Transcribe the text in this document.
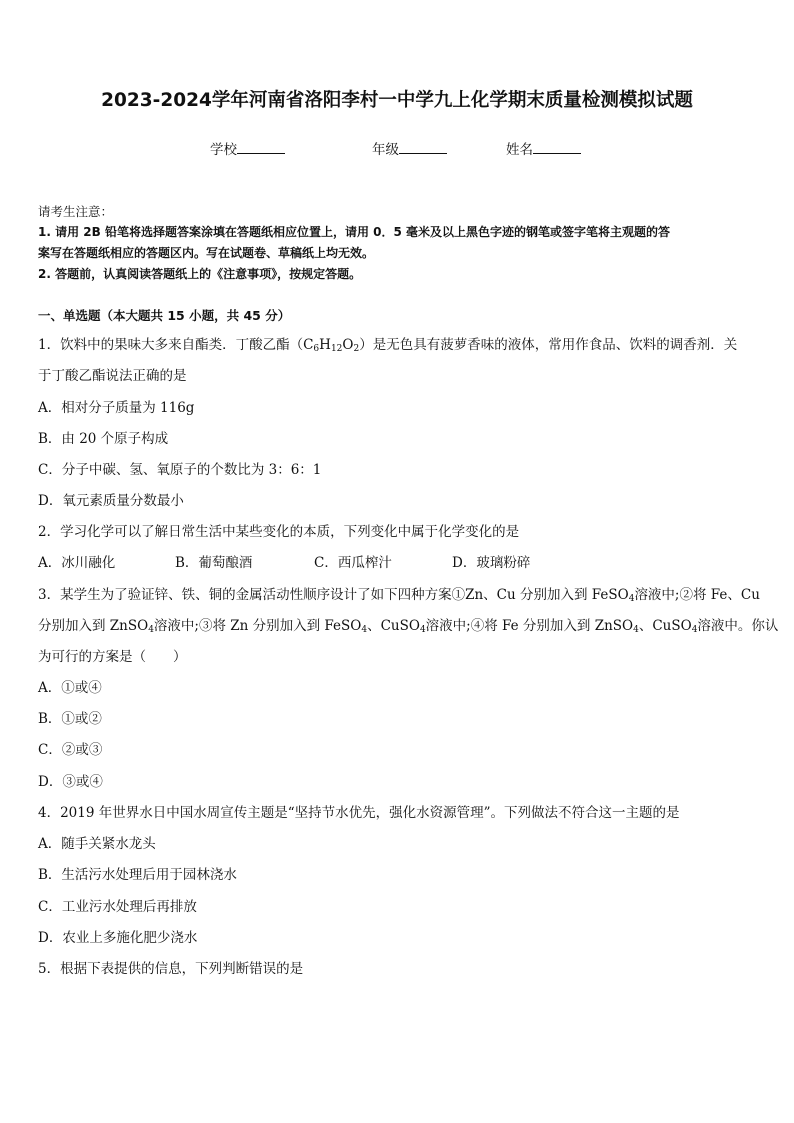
2023-2024学年河南省洛阳李村一中学九上化学期末质量检测模拟试题
学校	年级	姓名
请考生注意：
1. 请用 2B 铅笔将选择题答案涂填在答题纸相应位置上，请用 0．5 毫米及以上黑色字迹的钢笔或签字笔将主观题的答
案写在答题纸相应的答题区内。写在试题卷、草稿纸上均无效。
2. 答题前，认真阅读答题纸上的《注意事项》，按规定答题。
一、单选题（本大题共 15 小题，共 45 分）
1．饮料中的果味大多来自酯类．丁酸乙酯$(C_6H_{12}O_2)$是无色具有菠萝香味的液体，常用作食品、饮料的调香剂．关
于丁酸乙酯说法正确的是
A．相对分子质量为 116g
B．由 20 个原子构成
C．分子中碳、氢、氧原子的个数比为 3：6：1
D．氧元素质量分数最小
2．学习化学可以了解日常生活中某些变化的本质，下列变化中属于化学变化的是
A．冰川融化	B．葡萄酿酒	C．西瓜榨汁	D．玻璃粉碎
3．某学生为了验证锌、铁、铜的金属活动性顺序设计了如下四种方案①Zn、Cu 分别加入到 FeSO$_4$溶液中;②将 Fe、Cu
分别加入到 ZnSO$_4$溶液中;③将 Zn 分别加入到 FeSO$_4$、CuSO$_4$溶液中;④将 Fe 分别加入到 ZnSO$_4$、CuSO$_4$溶液中。你认
为可行的方案是（　　）
A．①或④
B．①或②
C．②或③
D．③或④
4．2019 年世界水日中国水周宣传主题是“坚持节水优先，强化水资源管理”。下列做法不符合这一主题的是
A．随手关紧水龙头
B．生活污水处理后用于园林浇水
C．工业污水处理后再排放
D．农业上多施化肥少浇水
5．根据下表提供的信息，下列判断错误的是
